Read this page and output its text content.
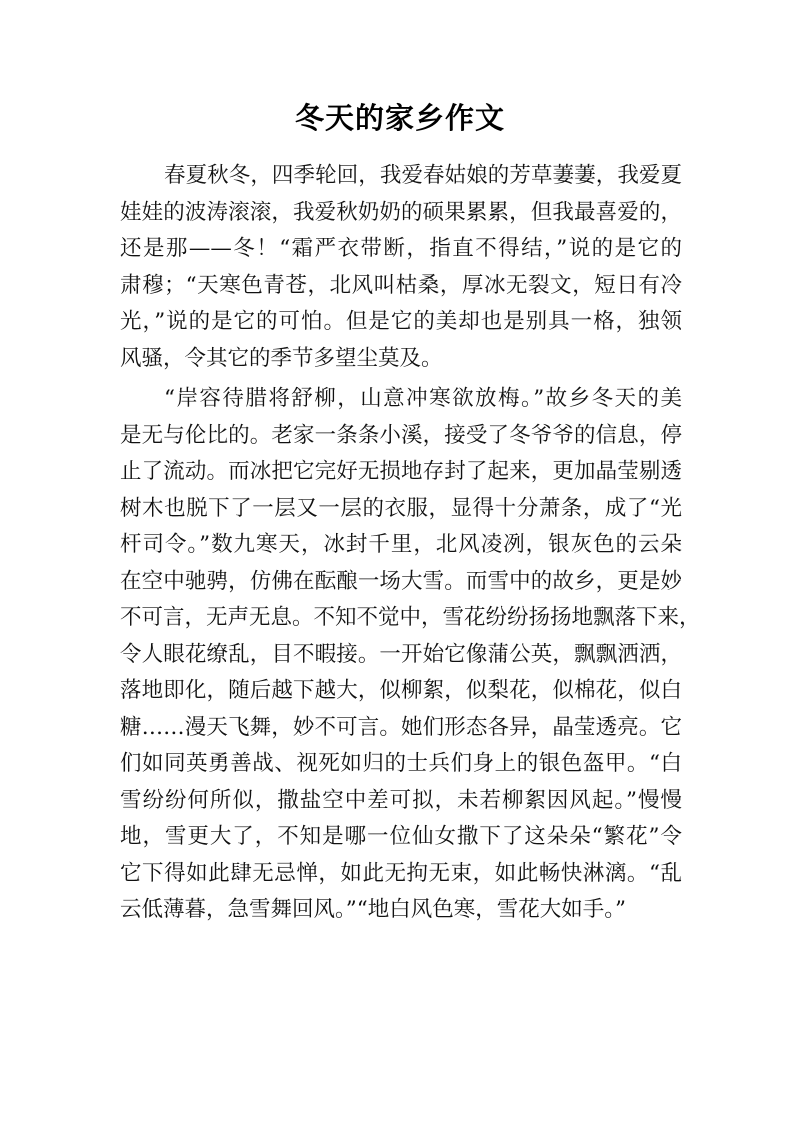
冬天的家乡作文
春夏秋冬，四季轮回，我爱春姑娘的芳草萋萋，我爱夏
娃娃的波涛滚滚，我爱秋奶奶的硕果累累，但我最喜爱的，
还是那——冬！“霜严衣带断，指直不得结，”说的是它的
肃穆；“天寒色青苍，北风叫枯桑，厚冰无裂文，短日有冷
光，”说的是它的可怕。但是它的美却也是别具一格，独领
风骚，令其它的季节多望尘莫及。
“岸容待腊将舒柳，山意冲寒欲放梅。”故乡冬天的美
是无与伦比的。老家一条条小溪，接受了冬爷爷的信息，停
止了流动。而冰把它完好无损地存封了起来，更加晶莹剔透
树木也脱下了一层又一层的衣服，显得十分萧条，成了“光
杆司令。”数九寒天，冰封千里，北风凌冽，银灰色的云朵
在空中驰骋，仿佛在酝酿一场大雪。而雪中的故乡，更是妙
不可言，无声无息。不知不觉中，雪花纷纷扬扬地飘落下来，
令人眼花缭乱，目不暇接。一开始它像蒲公英，飘飘洒洒，
落地即化，随后越下越大，似柳絮，似梨花，似棉花，似白
糖……漫天飞舞，妙不可言。她们形态各异，晶莹透亮。它
们如同英勇善战、视死如归的士兵们身上的银色盔甲。“白
雪纷纷何所似，撒盐空中差可拟，未若柳絮因风起。”慢慢
地，雪更大了，不知是哪一位仙女撒下了这朵朵“繁花”令
它下得如此肆无忌惮，如此无拘无束，如此畅快淋漓。“乱
云低薄暮，急雪舞回风。”“地白风色寒，雪花大如手。”
